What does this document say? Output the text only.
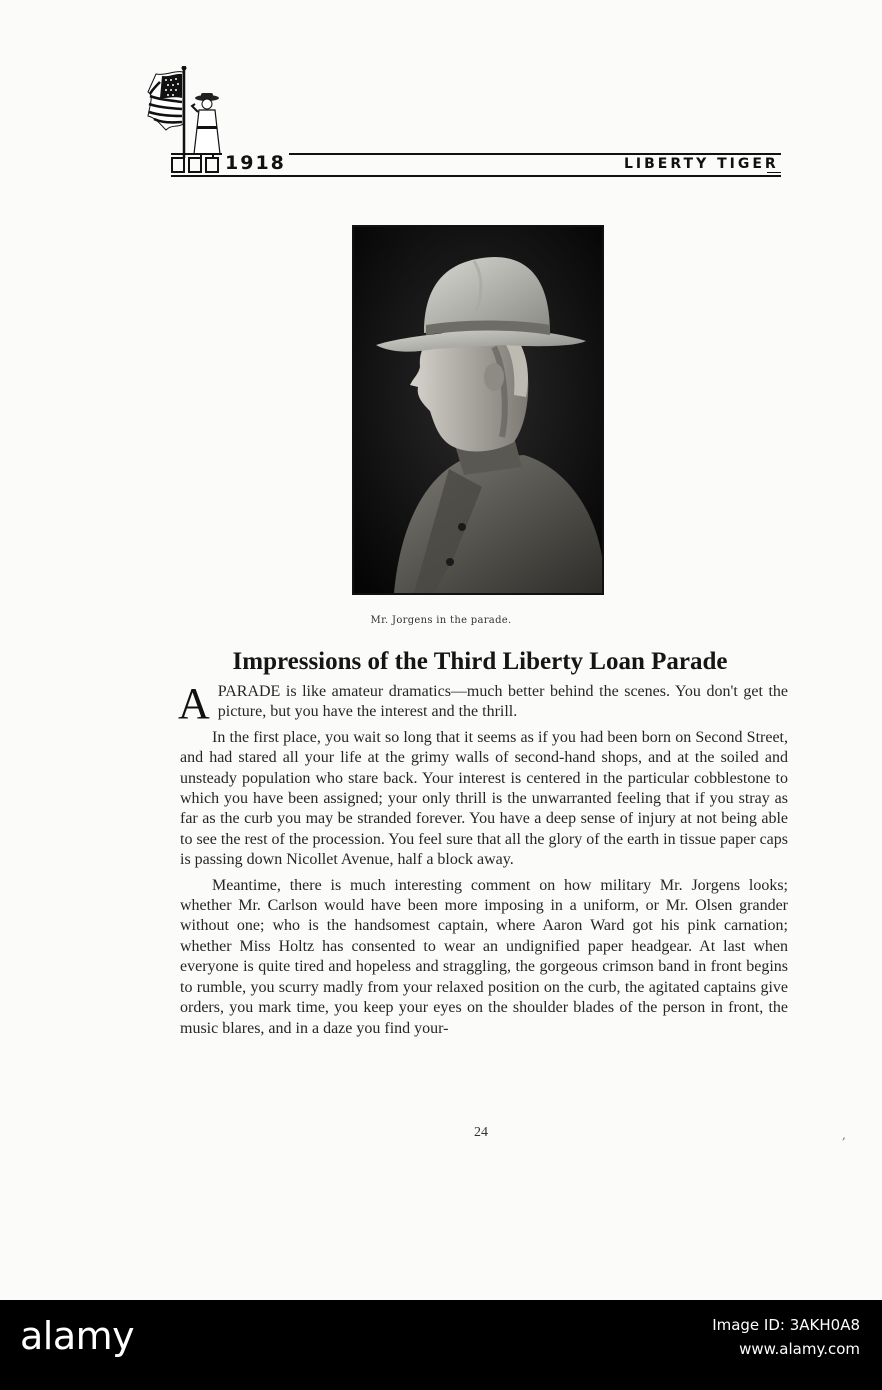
1918	LIBERTY TIGER
Mr. Jorgens in the parade.
Impressions of the Third Liberty Loan Parade

APARADE is like amateur dramatics—much better behind the scenes. You don't get the picture, but you have the interest and the thrill.

In the first place, you wait so long that it seems as if you had been born on Second Street, and had stared all your life at the grimy walls of second-hand shops, and at the soiled and unsteady population who stare back. Your interest is centered in the particular cobblestone to which you have been assigned; your only thrill is the unwarranted feeling that if you stray as far as the curb you may be stranded forever. You have a deep sense of injury at not being able to see the rest of the procession. You feel sure that all the glory of the earth in tissue paper caps is passing down Nicollet Avenue, half a block away.

Meantime, there is much interesting comment on how military Mr. Jorgens looks; whether Mr. Carlson would have been more imposing in a uniform, or Mr. Olsen grander without one; who is the handsomest captain, where Aaron Ward got his pink carnation; whether Miss Holtz has consented to wear an undignified paper headgear. At last when everyone is quite tired and hopeless and straggling, the gorgeous crimson band in front begins to rumble, you scurry madly from your relaxed position on the curb, the agitated captains give orders, you mark time, you keep your eyes on the shoulder blades of the person in front, the music blares, and in a daze you find your-

24	,
alamy	Image ID: 3AKH0A8
www.alamy.com
